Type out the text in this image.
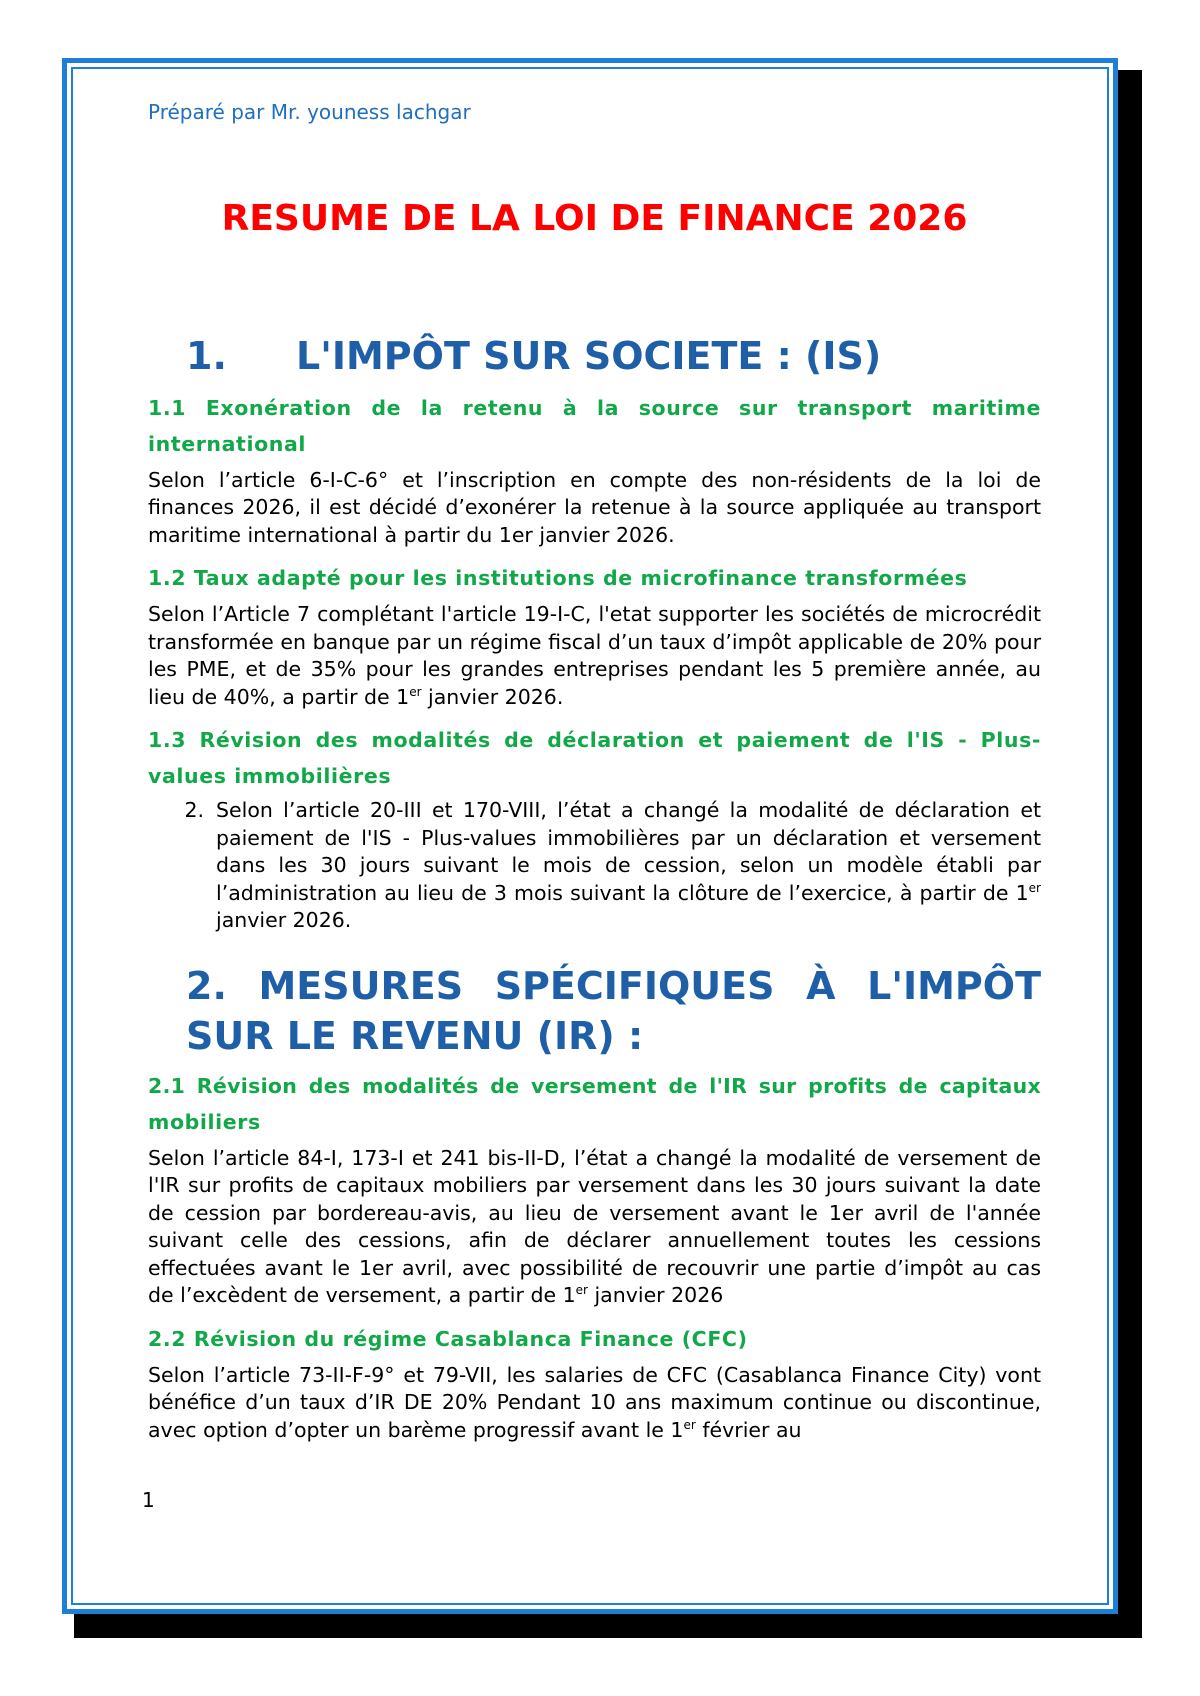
Préparé par Mr. youness lachgar

RESUME DE LA LOI DE FINANCE 2026
1. L'IMPÔT SUR SOCIETE : (IS)
1.1 Exonération de la retenu à la source sur transport maritime
international

Selon l’article 6-I-C-6° et l’inscription en compte des non-résidents de la loi de finances 2026, il est décidé d’exonérer la retenue à la source appliquée au transport maritime international à partir du 1er janvier 2026.

1.2 Taux adapté pour les institutions de microfinance transformées

Selon l’Article 7 complétant l'article 19-I-C, l'etat supporter les sociétés de microcrédit transformée en banque par un régime fiscal d’un taux d’impôt applicable de 20% pour les PME, et de 35% pour les grandes entreprises pendant les 5 première année, au lieu de 40%, a partir de 1er janvier 2026.

1.3 Révision des modalités de déclaration et paiement de l'IS - Plus-
values immobilières
2. Selon l’article 20-III et 170-VIII, l’état a changé la modalité de déclaration et paiement de l'IS - Plus-values immobilières par un déclaration et versement dans les 30 jours suivant le mois de cession, selon un modèle établi par l’administration au lieu de 3 mois suivant la clôture de l’exercice, à partir de 1er janvier 2026.

2. MESURES SPÉCIFIQUES À L'IMPÔT
SUR LE REVENU (IR) :
2.1 Révision des modalités de versement de l'IR sur profits de capitaux
mobiliers

Selon l’article 84-I, 173-I et 241 bis-II-D, l’état a changé la modalité de versement de l'IR sur profits de capitaux mobiliers par versement dans les 30 jours suivant la date de cession par bordereau-avis, au lieu de versement avant le 1er avril de l'année suivant celle des cessions, afin de déclarer annuellement toutes les cessions effectuées avant le 1er avril, avec possibilité de recouvrir une partie d’impôt au cas de l’excèdent de versement, a partir de 1er janvier 2026

2.2 Révision du régime Casablanca Finance (CFC)

Selon l’article 73-II-F-9° et 79-VII, les salaries de CFC (Casablanca Finance City) vont bénéfice d’un taux d’IR DE 20% Pendant 10 ans maximum continue ou discontinue, avec option d’opter un barème progressif avant le 1er février au

1
